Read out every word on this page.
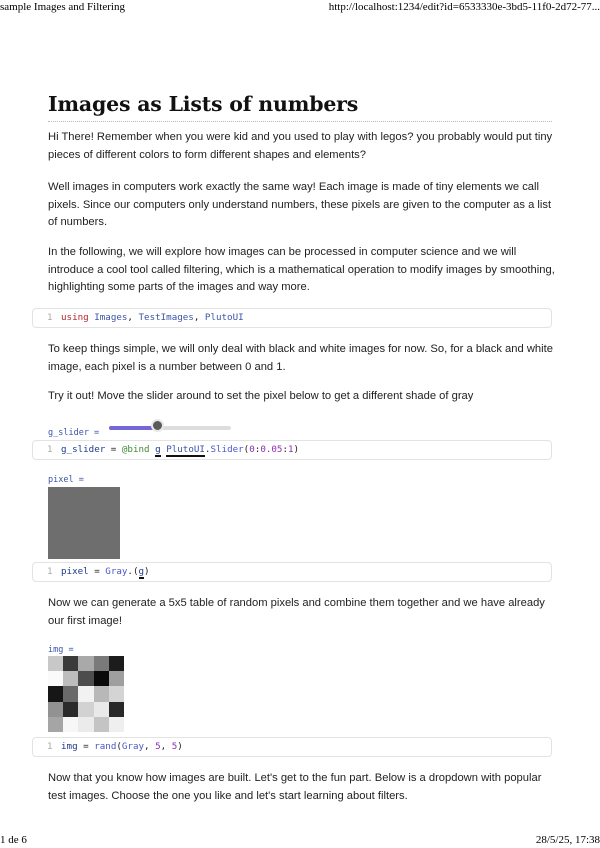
sample Images and Filtering	http://localhost:1234/edit?id=6533330e-3bd5-11f0-2d72-77...
Images as Lists of numbers

Hi There! Remember when you were kid and you used to play with legos? you probably would put tiny pieces of different colors to form different shapes and elements?

Well images in computers work exactly the same way! Each image is made of tiny elements we call pixels. Since our computers only understand numbers, these pixels are given to the computer as a list of numbers.

In the following, we will explore how images can be processed in computer science and we will introduce a cool tool called filtering, which is a mathematical operation to modify images by smoothing, highlighting some parts of the images and way more.

1 using Images, TestImages, PlutoUI

To keep things simple, we will only deal with black and white images for now. So, for a black and white image, each pixel is a number between 0 and 1.

Try it out! Move the slider around to set the pixel below to get a different shade of gray

g_slider =
1 g_slider = @bind g PlutoUI.Slider(0:0.05:1)
pixel =
1 pixel = Gray.(g)

Now we can generate a 5x5 table of random pixels and combine them together and we have already our first image!

img =
1 img = rand(Gray, 5, 5)

Now that you know how images are built. Let's get to the fun part. Below is a dropdown with popular test images. Choose the one you like and let's start learning about filters.

1 de 6	28/5/25, 17:38
